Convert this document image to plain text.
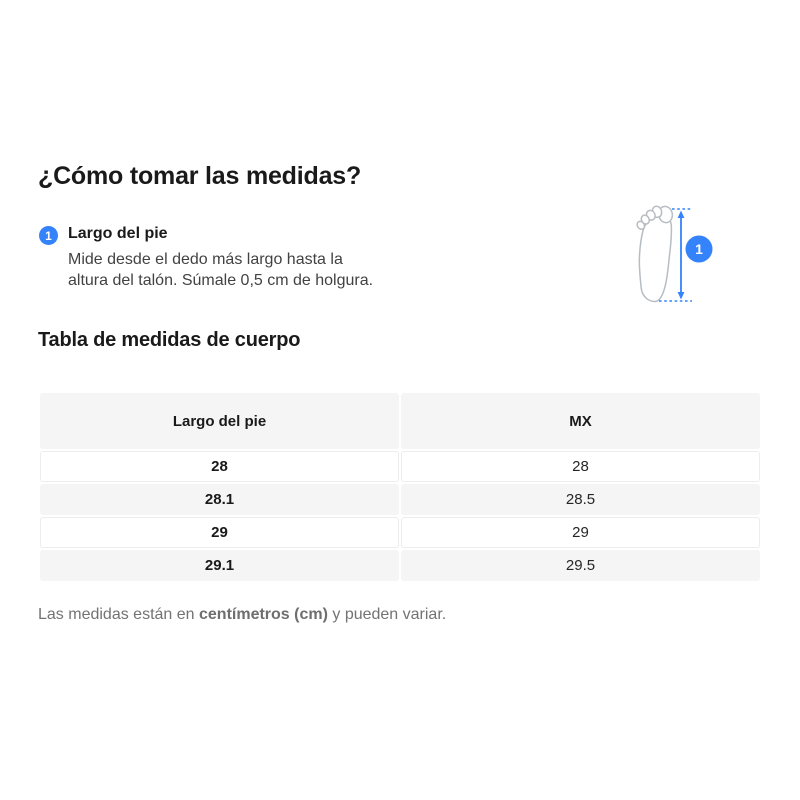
¿Cómo tomar las medidas?
1 Largo del pie
Mide desde el dedo más largo hasta la
altura del talón. Súmale 0,5 cm de holgura.
1
Tabla de medidas de cuerpo
Largo del pie	MX
28	28
28.1	28.5
29	29
29.1	29.5

Las medidas están en centímetros (cm) y pueden variar.
